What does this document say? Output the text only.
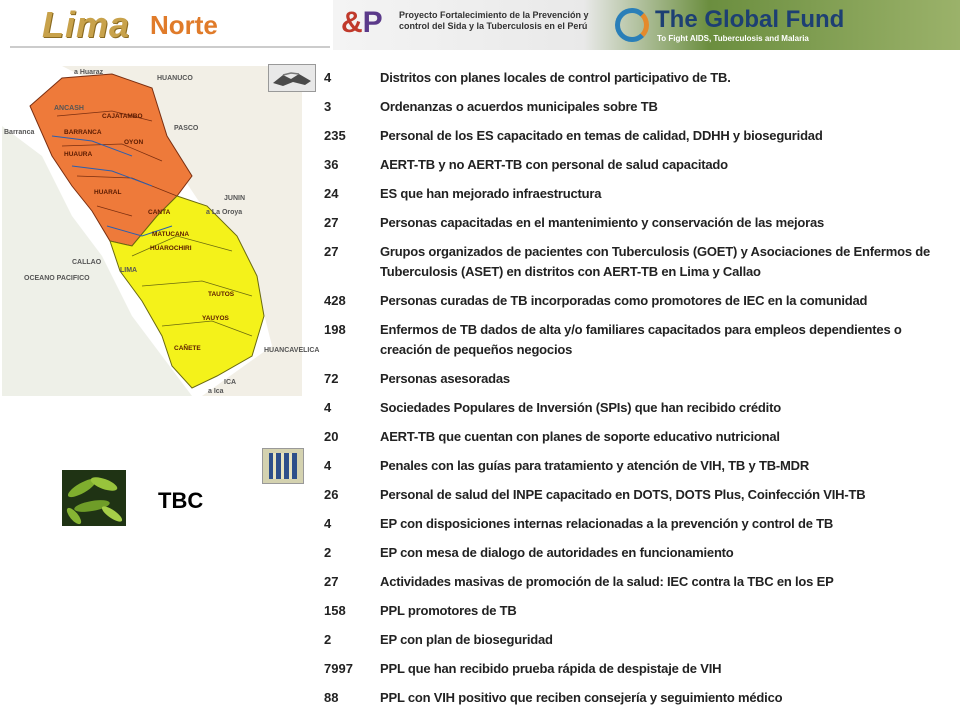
Lima Norte	&P Proyecto Fortalecimiento de la Prevención y control del Sida y la Tuberculosis en el Perú	The Global Fund
To Fight AIDS, Tuberculosis and Malaria
a Huaraz
HUANUCO
ANCASH
PASCO
Barranca
JUNIN
a La Oroya
CALLAO
LIMA
OCEANO PACIFICO
HUANCAVELICA
ICA
a Ica
HUAROCHIRI
YAUYOS
CAÑETE
MATUCANA
HUAURA
HUARAL
CANTA
OYON
CAJATAMBO
BARRANCA
TAUTOS
TBC
4	Distritos con planes locales de control participativo de TB.
3	Ordenanzas o acuerdos municipales sobre TB
235	Personal de los ES capacitado en temas de calidad, DDHH y bioseguridad
36	AERT-TB y no AERT-TB con personal de salud capacitado
24	ES que han mejorado infraestructura
27	Personas capacitadas en el mantenimiento y conservación de las mejoras
27	Grupos organizados de pacientes con Tuberculosis (GOET) y Asociaciones de Enfermos de Tuberculosis (ASET) en distritos con AERT-TB en Lima y Callao
428	Personas curadas de TB incorporadas como promotores de IEC en la comunidad
198	Enfermos de TB dados de alta y/o familiares capacitados para empleos dependientes o creación de pequeños negocios
72	Personas asesoradas
4	Sociedades Populares de Inversión (SPIs) que han recibido crédito
20	AERT-TB que cuentan con planes de soporte educativo nutricional
4	Penales con las guías para tratamiento y atención de VIH, TB y TB-MDR
26	Personal de salud del INPE capacitado en DOTS, DOTS Plus, Coinfección VIH-TB
4	EP con disposiciones internas relacionadas a la prevención y control de TB
2	EP con mesa de dialogo de autoridades en funcionamiento
27	Actividades masivas de promoción de la salud: IEC contra la TBC en los EP
158	PPL promotores de TB
2	EP con plan de bioseguridad
7997	PPL que han recibido prueba rápida de despistaje de VIH
88	PPL con VIH positivo que reciben consejería y seguimiento médico
